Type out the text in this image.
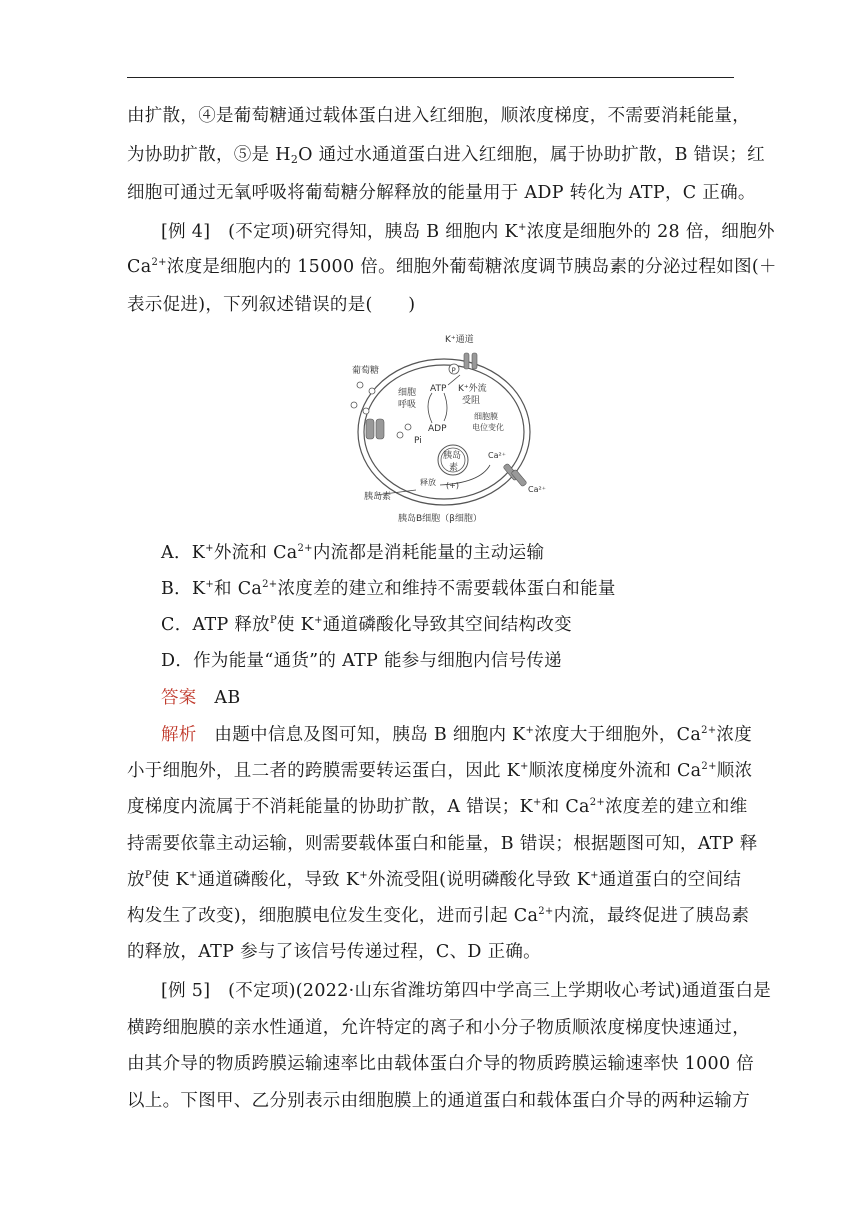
由扩散，④是葡萄糖通过载体蛋白进入红细胞，顺浓度梯度，不需要消耗能量，
为协助扩散，⑤是 $H_2O$ 通过水通道蛋白进入红细胞，属于协助扩散，B 错误；红
细胞可通过无氧呼吸将葡萄糖分解释放的能量用于 ADP 转化为 ATP，C 正确。
[例 4]　(不定项)研究得知，胰岛 B 细胞内 K+浓度是细胞外的 28 倍，细胞外
$Ca^{2+}$浓度是细胞内的 15000 倍。细胞外葡萄糖浓度调节胰岛素的分泌过程如图(＋
表示促进)，下列叙述错误的是(　　)
K⁺通道
P
葡萄糖
细胞
呼吸
ATP
ADP
Pi
K⁺外流
受阻
细胞膜
电位变化
胰岛
素
Ca²⁺
Ca²⁺
释放 (+)
胰岛素
胰岛B细胞（β细胞）
A．K+外流和 $Ca^{2+}$内流都是消耗能量的主动运输
B．K+和 $Ca^{2+}$浓度差的建立和维持不需要载体蛋白和能量
C．ATP 释放$^P$使 K+通道磷酸化导致其空间结构改变
D．作为能量“通货”的 ATP 能参与细胞内信号传递
答案　 AB
解析　 由题中信息及图可知，胰岛 B 细胞内 K+浓度大于细胞外，$Ca^{2+}$浓度
小于细胞外，且二者的跨膜需要转运蛋白，因此 K+顺浓度梯度外流和 $Ca^{2+}$顺浓
度梯度内流属于不消耗能量的协助扩散，A 错误；K+和 $Ca^{2+}$浓度差的建立和维
持需要依靠主动运输，则需要载体蛋白和能量，B 错误；根据题图可知，ATP 释
放$^P$使 K+通道磷酸化，导致 K+外流受阻(说明磷酸化导致 K+通道蛋白的空间结
构发生了改变)，细胞膜电位发生变化，进而引起 $Ca^{2+}$内流，最终促进了胰岛素
的释放，ATP 参与了该信号传递过程，C、D 正确。
[例 5]　(不定项)(2022·山东省潍坊第四中学高三上学期收心考试)通道蛋白是
横跨细胞膜的亲水性通道，允许特定的离子和小分子物质顺浓度梯度快速通过，
由其介导的物质跨膜运输速率比由载体蛋白介导的物质跨膜运输速率快 1000 倍
以上。下图甲、乙分别表示由细胞膜上的通道蛋白和载体蛋白介导的两种运输方
